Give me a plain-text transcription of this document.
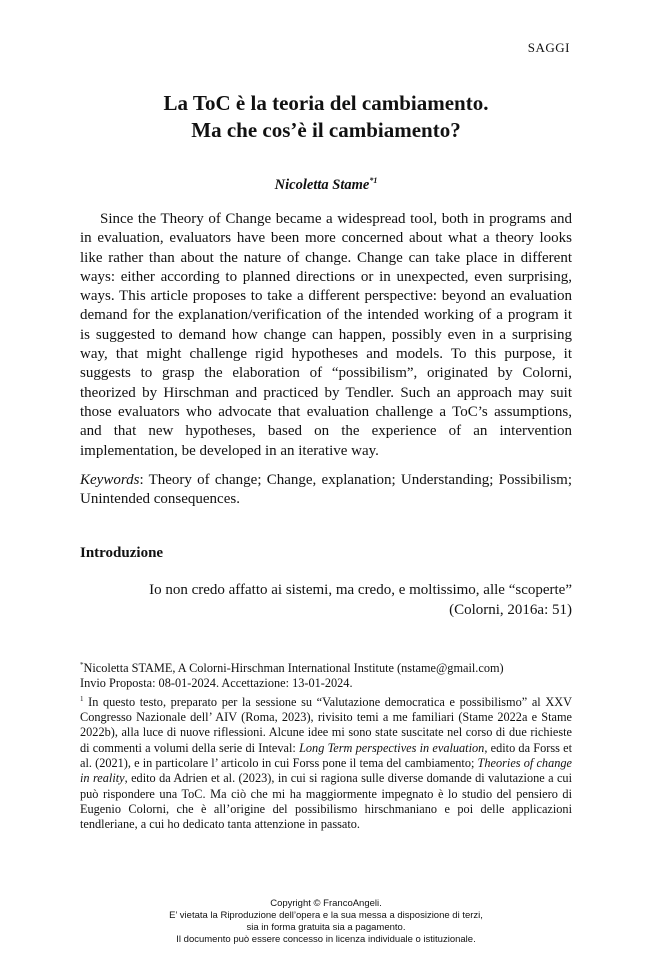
SAGGI
La ToC è la teoria del cambiamento.
Ma che cos’è il cambiamento?
Nicoletta Stame$^{*1}$

Since the Theory of Change became a widespread tool, both in programs and in evaluation, evaluators have been more concerned about what a theory looks like rather than about the nature of change. Change can take place in different ways: either according to planned directions or in unexpected, even surprising, ways. This article proposes to take a different perspective: beyond an evaluation demand for the explanation/verification of the intended working of a program it is suggested to demand how change can happen, possibly even in a surprising way, that might challenge rigid hypotheses and models. To this purpose, it suggests to grasp the elaboration of “possibilism”, originated by Colorni, theorized by Hirschman and practiced by Tendler. Such an approach may suit those evaluators who advocate that evaluation challenge a ToC’s assumptions, and that new hypotheses, based on the experience of an intervention implementation, be developed in an iterative way.

Keywords: Theory of change; Change, explanation; Understanding; Possibilism; Unintended consequences.

Introduzione
Io non credo affatto ai sistemi, ma credo, e moltissimo, alle “scoperte”
(Colorni, 2016a: 51)

*Nicoletta STAME, A Colorni-Hirschman International Institute (nstame@gmail.com)

Invio Proposta: 08-01-2024. Accettazione: 13-01-2024.

$^1$ In questo testo, preparato per la sessione su “Valutazione democratica e possibilismo” al XXV Congresso Nazionale dell’ AIV (Roma, 2023), rivisito temi a me familiari (Stame 2022a e Stame 2022b), alla luce di nuove riflessioni. Alcune idee mi sono state suscitate nel corso di due richieste di commenti a volumi della serie di Inteval: Long Term perspectives in evaluation, edito da Forss et al. (2021), e in particolare l’ articolo in cui Forss pone il tema del cambiamento; Theories of change in reality, edito da Adrien et al. (2023), in cui si ragiona sulle diverse domande di valutazione a cui può rispondere una ToC. Ma ciò che mi ha maggiormente impegnato è lo studio del pensiero di Eugenio Colorni, che è all’origine del possibilismo hirschmaniano e poi delle applicazioni tendleriane, a cui ho dedicato tanta attenzione in passato.

Copyright © FrancoAngeli.
E’ vietata la Riproduzione dell’opera e la sua messa a disposizione di terzi,
sia in forma gratuita sia a pagamento.
Il documento può essere concesso in licenza individuale o istituzionale.
